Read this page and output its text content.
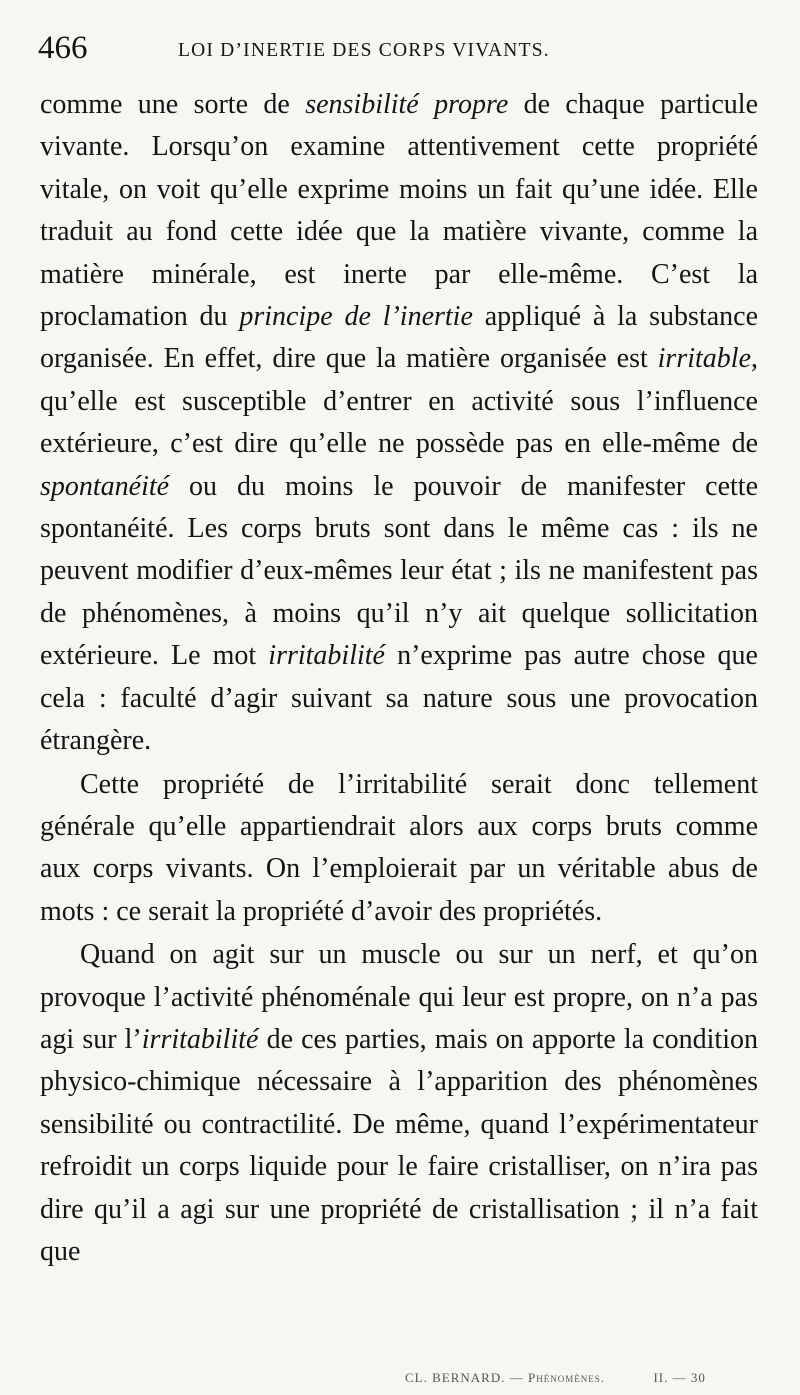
466	LOI D’INERTIE DES CORPS VIVANTS.

comme une sorte de sensibilité propre de chaque particule vivante. Lorsqu’on examine attentivement cette propriété vitale, on voit qu’elle exprime moins un fait qu’une idée. Elle traduit au fond cette idée que la matière vivante, comme la matière minérale, est inerte par elle-même. C’est la proclamation du principe de l’inertie appliqué à la substance organisée. En effet, dire que la matière organisée est irritable, qu’elle est susceptible d’entrer en activité sous l’influence extérieure, c’est dire qu’elle ne possède pas en elle-même de spontanéité ou du moins le pouvoir de manifester cette spontanéité. Les corps bruts sont dans le même cas : ils ne peuvent modifier d’eux-mêmes leur état ; ils ne manifestent pas de phénomènes, à moins qu’il n’y ait quelque sollicitation extérieure. Le mot irritabilité n’exprime pas autre chose que cela : faculté d’agir suivant sa nature sous une provocation étrangère.

Cette propriété de l’irritabilité serait donc tellement générale qu’elle appartiendrait alors aux corps bruts comme aux corps vivants. On l’emploierait par un véritable abus de mots : ce serait la propriété d’avoir des propriétés.

Quand on agit sur un muscle ou sur un nerf, et qu’on provoque l’activité phénoménale qui leur est propre, on n’a pas agi sur l’irritabilité de ces parties, mais on apporte la condition physico-chimique nécessaire à l’apparition des phénomènes sensibilité ou contractilité. De même, quand l’expérimentateur refroidit un corps liquide pour le faire cristalliser, on n’ira pas dire qu’il a agi sur une propriété de cristallisation ; il n’a fait que

CL. BERNARD. — Phénomènes.	II. — 30
